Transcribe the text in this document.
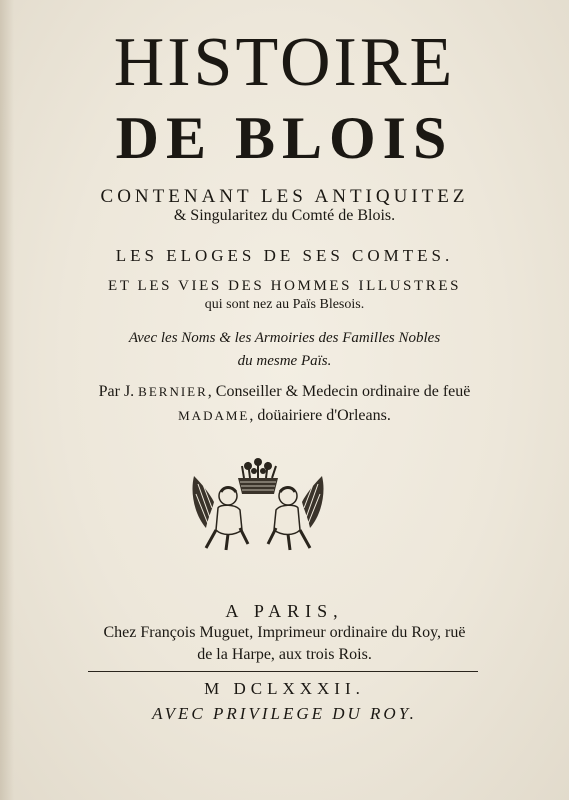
HISTOIRE
DE BLOIS
CONTENANT LES ANTIQUITEZ
& Singularitez du Comté de Blois.
LES ELOGES DE SES COMTES.
ET LES VIES DES HOMMES ILLUSTRES
qui sont nez au Païs Blesois.
Avec les Noms & les Armoiries des Familles Nobles
du mesme Païs.
Par J. BERNIER, Conseiller & Medecin ordinaire de feuë
MADAME, doüairiere d'Orleans.
A PARIS,
Chez François Muguet, Imprimeur ordinaire du Roy, ruë
de la Harpe, aux trois Rois.
M DCLXXXII.
AVEC PRIVILEGE DU ROY.
